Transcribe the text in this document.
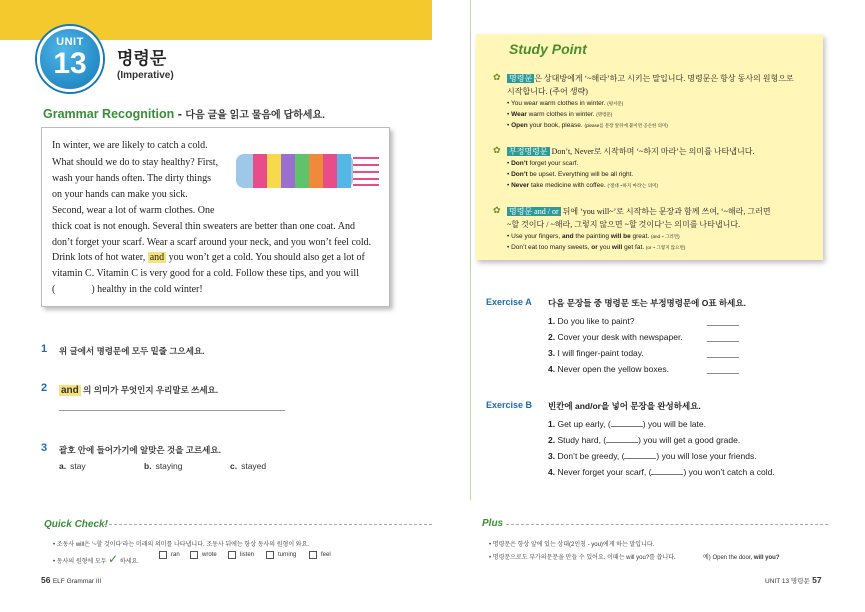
UNIT
13	명령문
(Imperative)
Grammar Recognition - 다음 글을 읽고 물음에 답하세요.
In winter, we are likely to catch a cold.
What should we do to stay healthy? First,
wash your hands often. The dirty things
on your hands can make you sick.
Second, wear a lot of warm clothes. One
thick coat is not enough. Several thin sweaters are better than one coat. And
don’t forget your scarf. Wear a scarf around your neck, and you won’t feel cold.
Drink lots of hot water, and you won’t get a cold. You should also get a lot of
vitamin C. Vitamin C is very good for a cold. Follow these tips, and you will
(	) healthy in the cold winter!
1 위 글에서 명령문에 모두 밑줄 그으세요.
2 and 의 의미가 무엇인지 우리말로 쓰세요.
3 괄호 안에 들어가기에 알맞은 것을 고르세요.
a. stay	b. staying	c. stayed
Quick Check!
• 조동사 will은 ‘~할 것이다’라는 미래의 의미를 나타냅니다. 조동사 뒤에는 항상 동사의 원형이 와요.
• 동사의 원형에 모두 ✓ 하세요.
ran	wrote	listen	turning	feel
56 ELF Grammar III
Study Point
✿ 명령문 은 상대방에게 ‘~해라’하고 시키는 말입니다. 명령문은 항상 동사의 원형으로
시작합니다. (주어 생략)
• You wear warm clothes in winter. (평서문)
• Wear warm clothes in winter. (명령문)
• Open your book, please. (please를 문장 앞뒤에 붙이면 공손한 의미)
✿ 부정명령문 Don’t, Never로 시작하며 ‘~하지 마라’는 의미를 나타냅니다.
• Don’t forget your scarf.
• Don’t be upset. Everything will be all right.
• Never take medicine with coffee. (‘절대 ~하지 마라’는 의미)
✿ 명령문 and / or 뒤에 ‘you will~’로 시작하는 문장과 함께 쓰여, ‘~해라, 그러면
~할 것이다 / ~해라, 그렇지 않으면 ~할 것이다’는 의미를 나타냅니다.
• Use your fingers, and the painting will be great. (and ~ 그러면)
• Don’t eat too many sweets, or you will get fat. (or ~ 그렇지 않으면)
Exercise A 다음 문장들 중 명령문 또는 부정명령문에 O표 하세요.
1. Do you like to paint?
2. Cover your desk with newspaper.
3. I will finger-paint today.
4. Never open the yellow boxes.
Exercise B 빈칸에 and/or을 넣어 문장을 완성하세요.
1. Get up early, (	) you will be late.
2. Study hard, (	) you will get a good grade.
3. Don’t be greedy, (	) you will lose your friends.
4. Never forget your scarf, (	) you won’t catch a cold.
Plus
• 명령문은 항상 앞에 있는 상대(2인칭 - you)에게 하는 말입니다.
• 명령문으로도 부가의문문을 만들 수 있어요. 이때는 will you?를 씁니다.	예) Open the door, will you?
UNIT 13 명령문 57
